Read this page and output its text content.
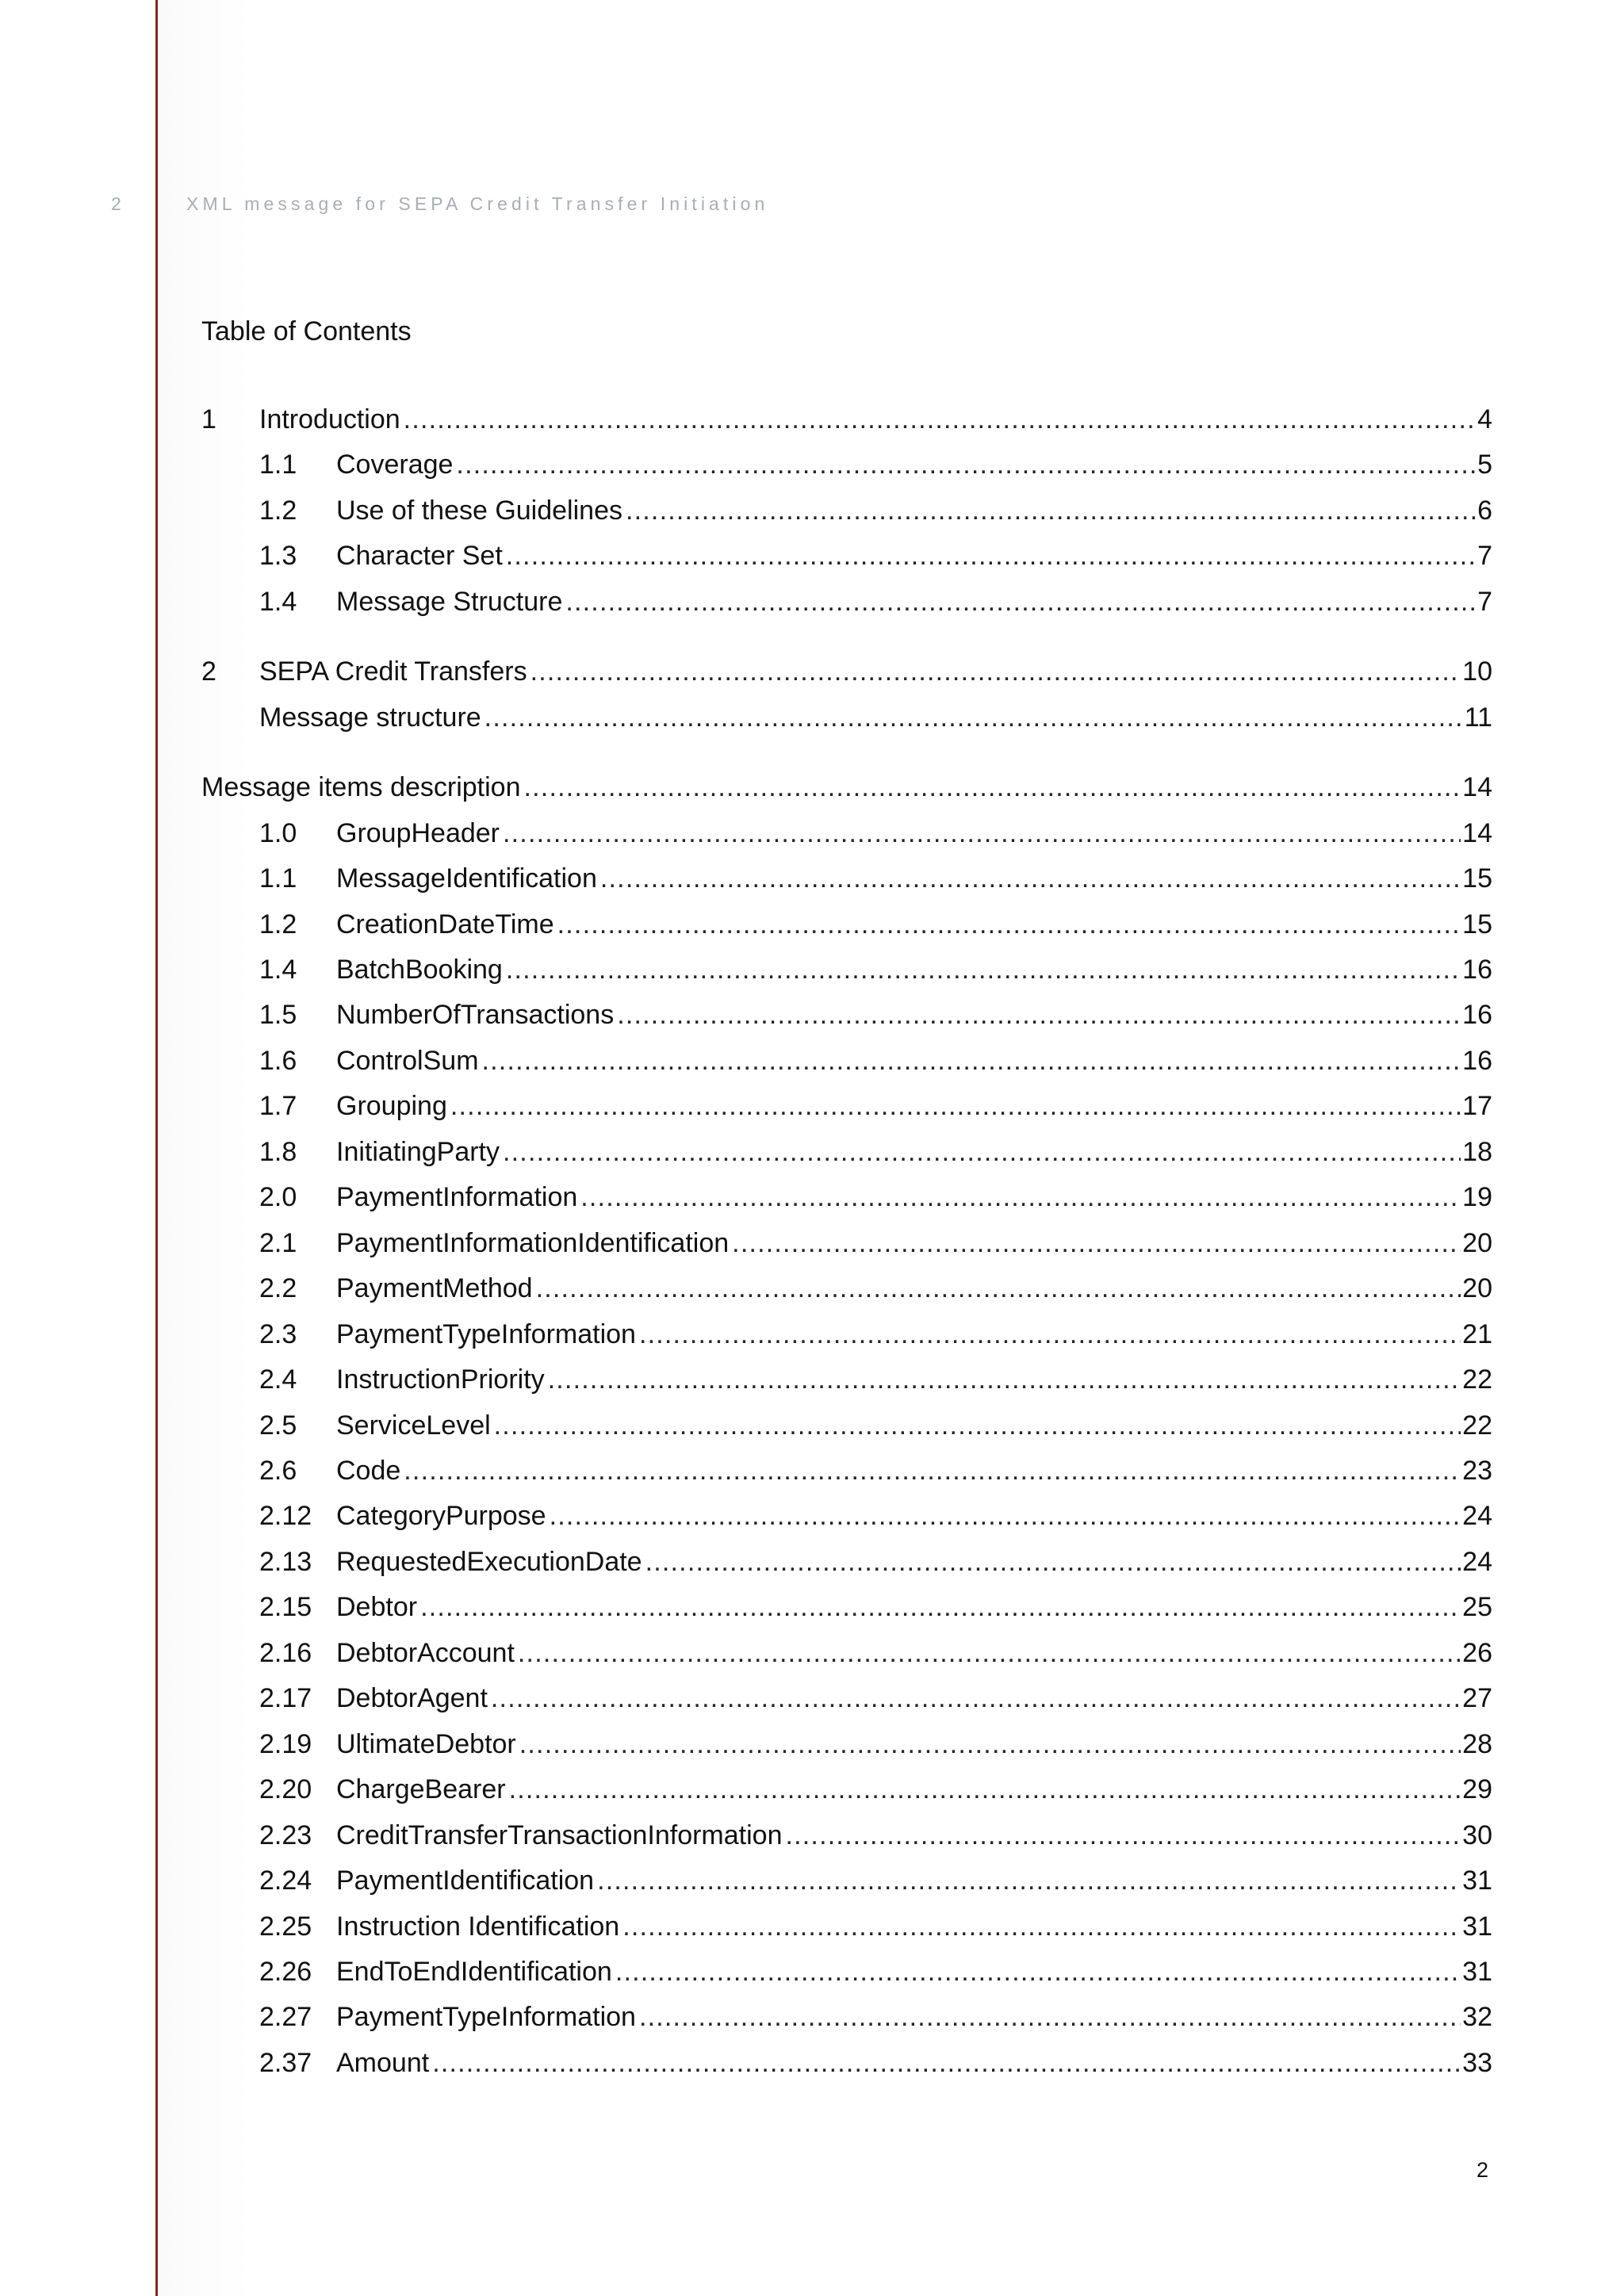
2	XML message for SEPA Credit Transfer Initiation
Table of Contents
1	Introduction .....	4
1.1	Coverage .....	5
1.2	Use of these Guidelines .....	6
1.3	Character Set .....	7
1.4	Message Structure .....	7
2	SEPA Credit Transfers .....	10
Message structure .....	11
Message items description .....	14
1.0	GroupHeader .....	14
1.1	MessageIdentification .....	15
1.2	CreationDateTime .....	15
1.4	BatchBooking .....	16
1.5	NumberOfTransactions .....	16
1.6	ControlSum .....	16
1.7	Grouping .....	17
1.8	InitiatingParty .....	18
2.0	PaymentInformation .....	19
2.1	PaymentInformationIdentification .....	20
2.2	PaymentMethod .....	20
2.3	PaymentTypeInformation .....	21
2.4	InstructionPriority .....	22
2.5	ServiceLevel .....	22
2.6	Code .....	23
2.12 CategoryPurpose .....	24
2.13 RequestedExecutionDate .....	24
2.15 Debtor .....	25
2.16 DebtorAccount .....	26
2.17 DebtorAgent .....	27
2.19 UltimateDebtor .....	28
2.20 ChargeBearer .....	29
2.23 CreditTransferTransactionInformation .....	30
2.24 PaymentIdentification .....	31
2.25 Instruction Identification .....	31
2.26 EndToEndIdentification .....	31
2.27 PaymentTypeInformation .....	32
2.37 Amount .....	33
2
